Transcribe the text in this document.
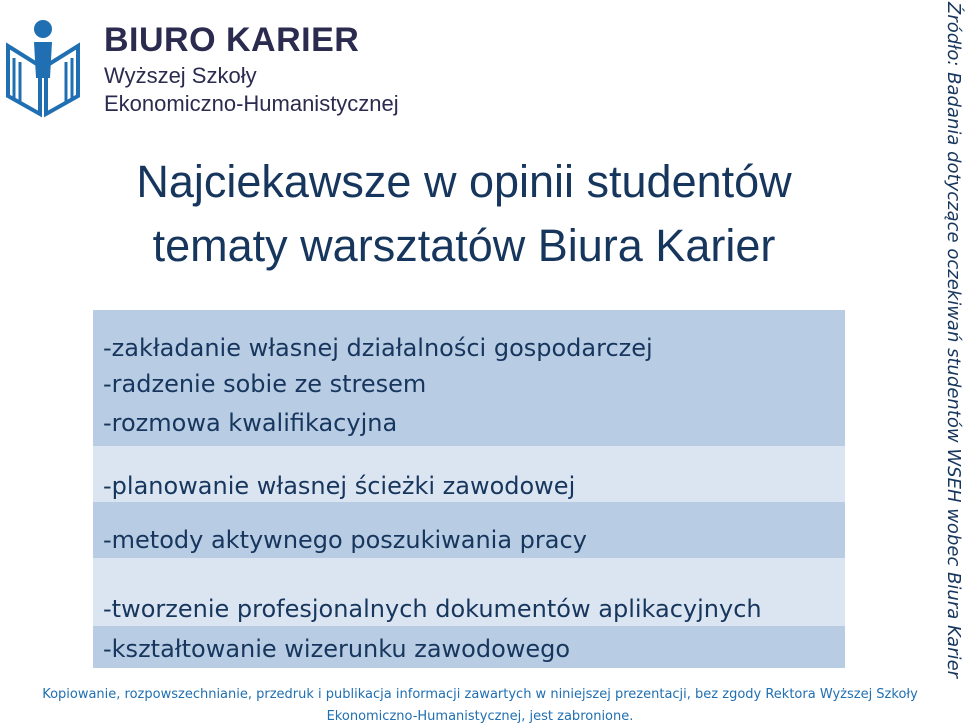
BIURO KARIER
Wyższej Szkoły
Ekonomiczno-Humanistycznej
Najciekawsze w opinii studentów
tematy warsztatów Biura Karier
-zakładanie własnej działalności gospodarczej
-radzenie sobie ze stresem
-rozmowa kwalifikacyjna
-planowanie własnej ścieżki zawodowej
-metody aktywnego poszukiwania pracy
-tworzenie profesjonalnych dokumentów aplikacyjnych
-kształtowanie wizerunku zawodowego	Źródło: Badania dotyczące oczekiwań studentów WSEH wobec Biura Karier
Kopiowanie, rozpowszechnianie, przedruk i publikacja informacji zawartych w niniejszej prezentacji, bez zgody Rektora Wyższej Szkoły
Ekonomiczno-Humanistycznej, jest zabronione.
